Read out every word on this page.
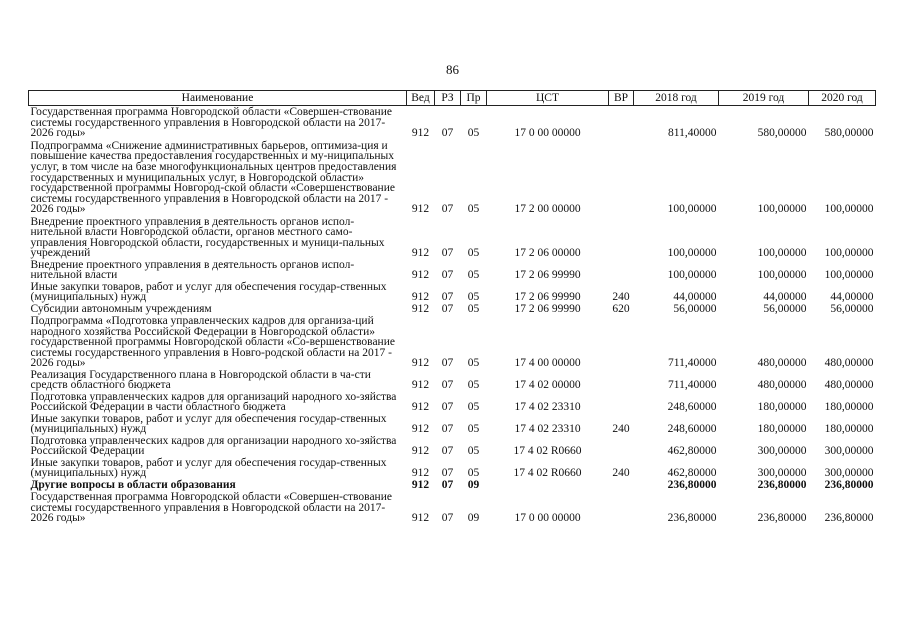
86
Наименование	Вед	РЗ	Пр	ЦСТ	ВР	2018 год	2019 год	2020 год
Государственная программа Новгородской области «Совершен-ствование системы государственного управления в Новгородской области на 2017-2026 годы»	912	07	05	17 0 00 00000		811,40000	580,00000	580,00000
Подпрограмма «Снижение административных барьеров, оптимиза-ция и повышение качества предоставления государственных и му-ниципальных услуг, в том числе на базе многофункциональных центров предоставления государственных и муниципальных услуг, в Новгородской области» государственной программы Новгород-ской области «Совершенствование системы государственного управления в Новгородской области на 2017 - 2026 годы»	912	07	05	17 2 00 00000		100,00000	100,00000	100,00000
Внедрение проектного управления в деятельность органов испол-нительной власти Новгородской области, органов местного само-управления Новгородской области, государственных и муници-пальных учреждений	912	07	05	17 2 06 00000		100,00000	100,00000	100,00000
Внедрение проектного управления в деятельность органов испол-нительной власти	912	07	05	17 2 06 99990		100,00000	100,00000	100,00000
Иные закупки товаров, работ и услуг для обеспечения государ-ственных (муниципальных) нужд	912	07	05	17 2 06 99990	240	44,00000	44,00000	44,00000
Субсидии автономным учреждениям	912	07	05	17 2 06 99990	620	56,00000	56,00000	56,00000
Подпрограмма «Подготовка управленческих кадров для организа-ций народного хозяйства Российской Федерации в Новгородской области» государственной программы Новгородской области «Со-вершенствование системы государственного управления в Новго-родской области на 2017 - 2026 годы»	912	07	05	17 4 00 00000		711,40000	480,00000	480,00000
Реализация Государственного плана в Новгородской области в ча-сти средств областного бюджета	912	07	05	17 4 02 00000		711,40000	480,00000	480,00000
Подготовка управленческих кадров для организаций народного хо-зяйства Российской Федерации в части областного бюджета	912	07	05	17 4 02 23310		248,60000	180,00000	180,00000
Иные закупки товаров, работ и услуг для обеспечения государ-ственных (муниципальных) нужд	912	07	05	17 4 02 23310	240	248,60000	180,00000	180,00000
Подготовка управленческих кадров для организации народного хо-зяйства Российской Федерации	912	07	05	17 4 02 R0660		462,80000	300,00000	300,00000
Иные закупки товаров, работ и услуг для обеспечения государ-ственных (муниципальных) нужд	912	07	05	17 4 02 R0660	240	462,80000	300,00000	300,00000
Другие вопросы в области образования	912	07	09			236,80000	236,80000	236,80000
Государственная программа Новгородской области «Совершен-ствование системы государственного управления в Новгородской области на 2017-2026 годы»	912	07	09	17 0 00 00000		236,80000	236,80000	236,80000
